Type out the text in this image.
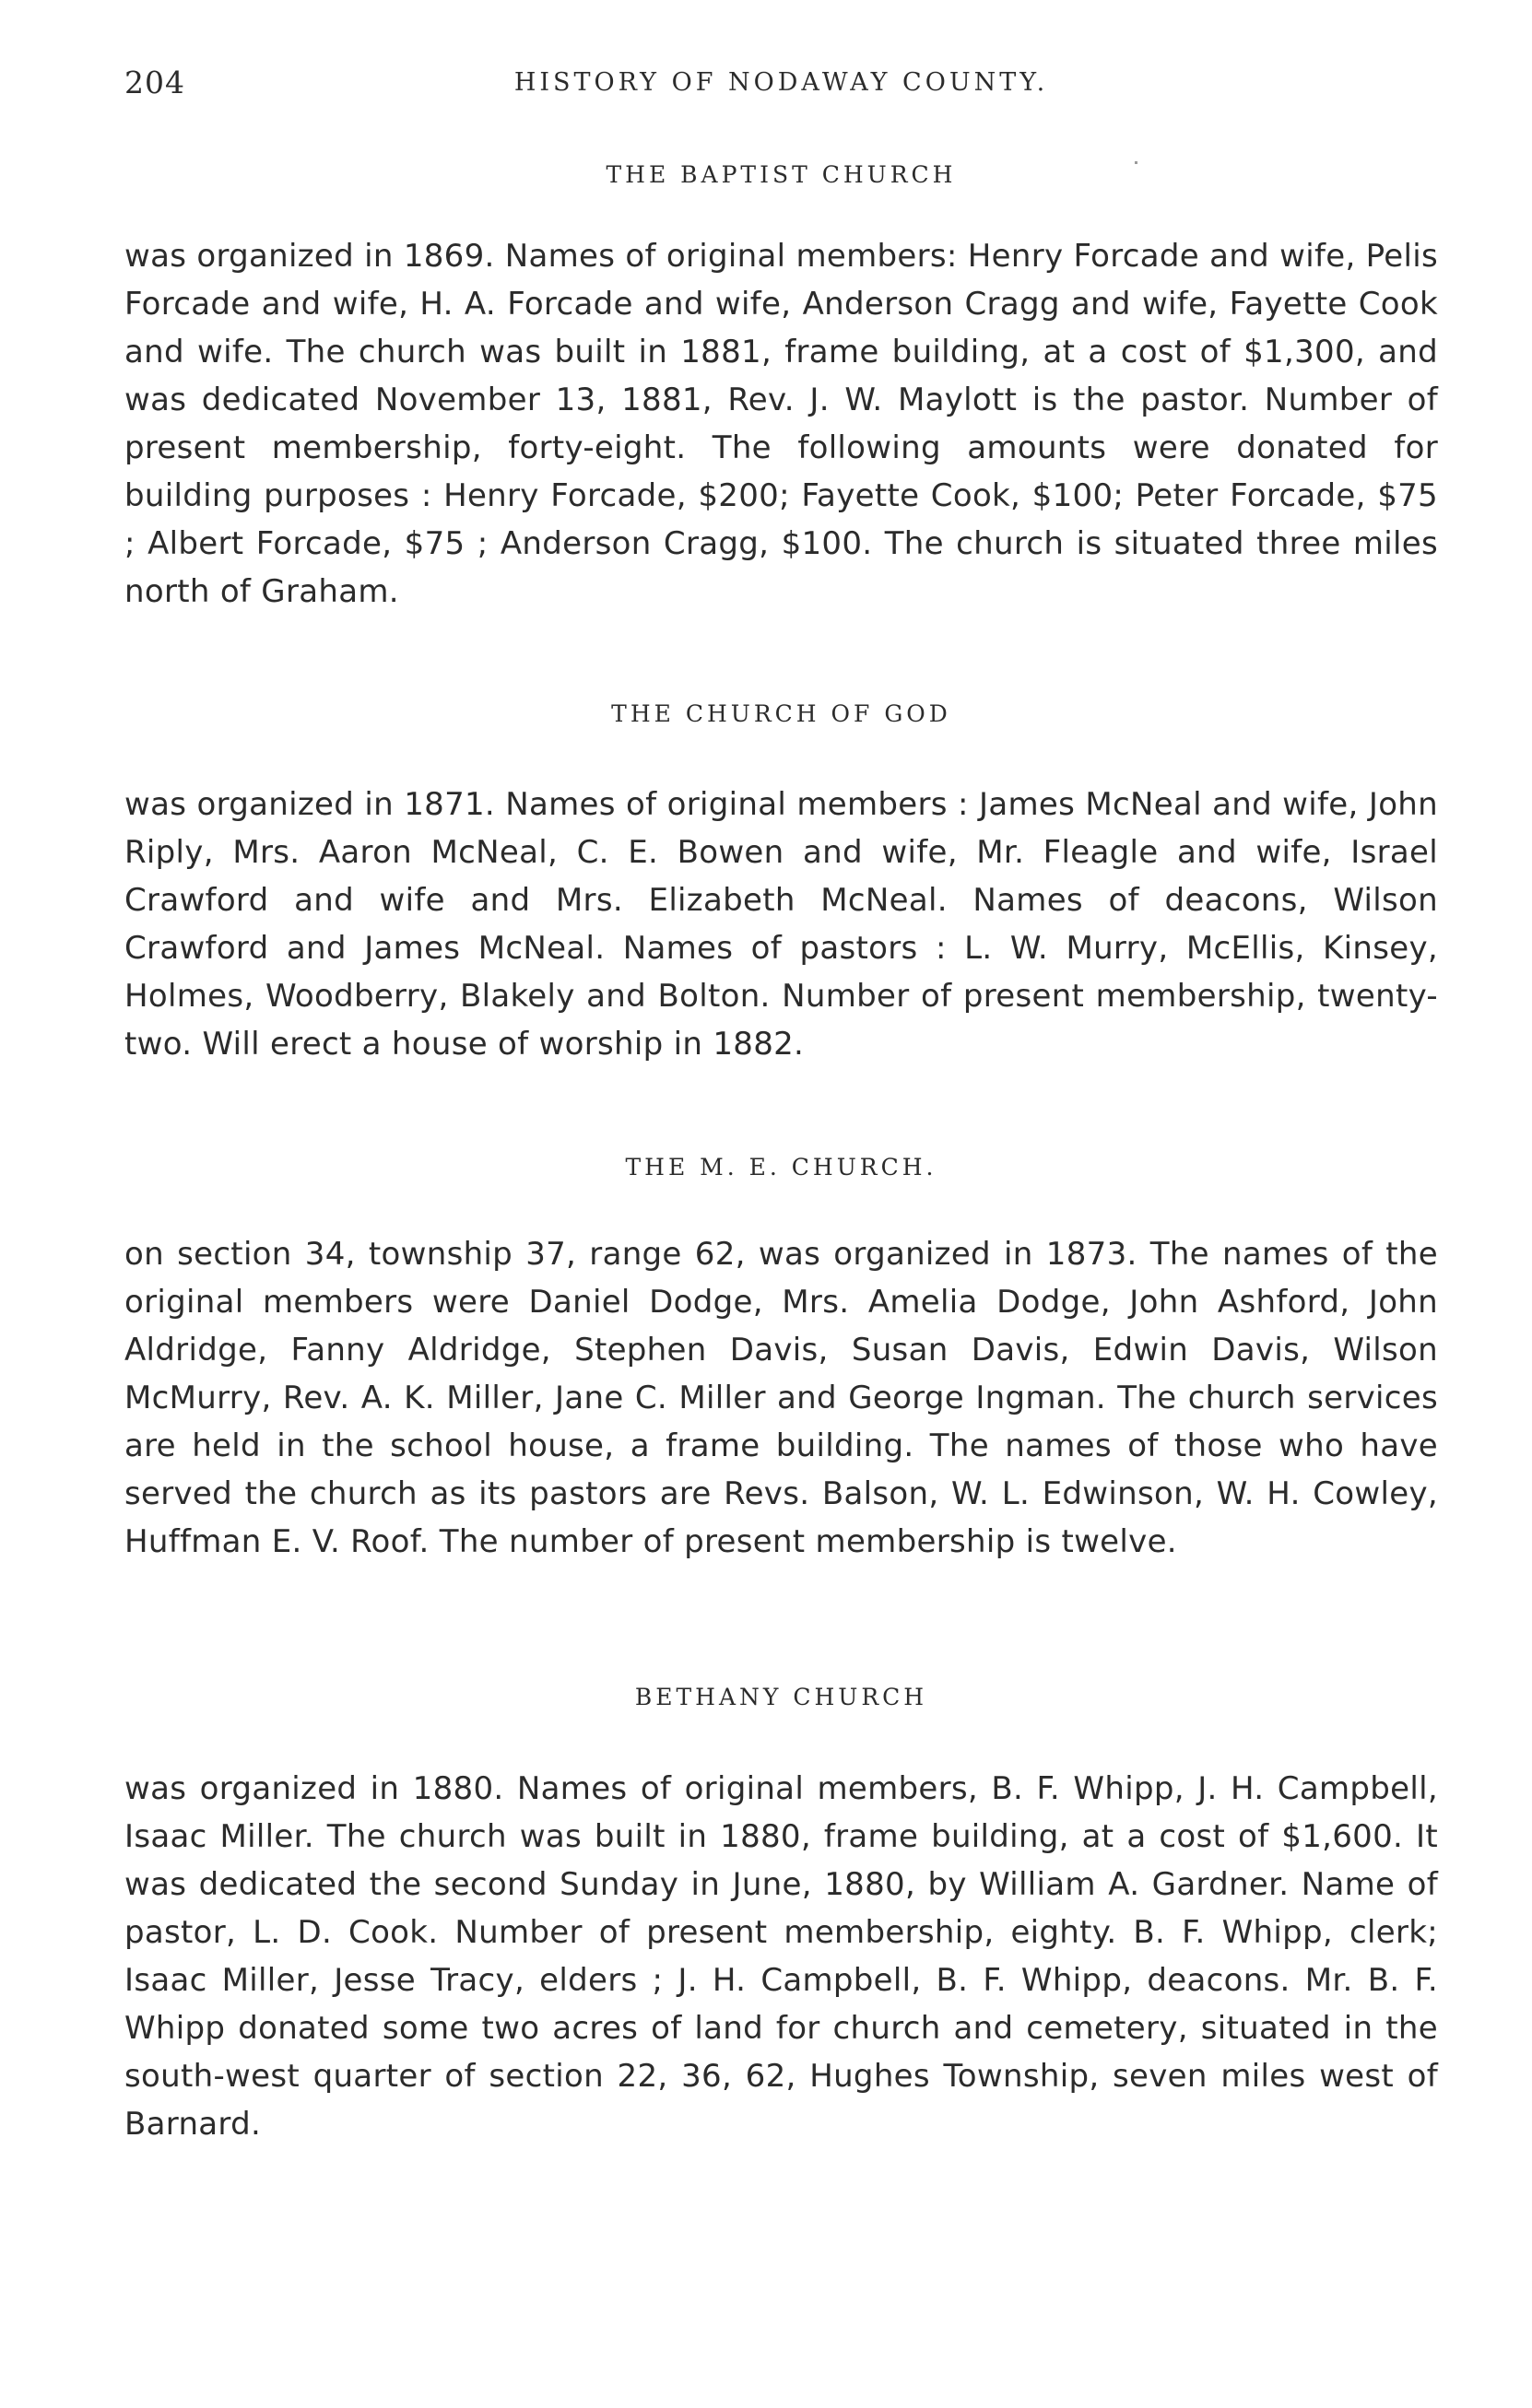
204	HISTORY OF NODAWAY COUNTY.
THE BAPTIST CHURCH

was organized in 1869. Names of original members: Henry Forcade and wife, Pelis Forcade and wife, H. A. Forcade and wife, Anderson Cragg and wife, Fayette Cook and wife. The church was built in 1881, frame building, at a cost of $1,300, and was dedicated November 13, 1881, Rev. J. W. Maylott is the pastor. Number of present membership, forty-eight. The following amounts were donated for building purposes : Henry Forcade, $200; Fayette Cook, $100; Peter Forcade, $75 ; Albert Forcade, $75 ; Anderson Cragg, $100. The church is situated three miles north of Graham.

THE CHURCH OF GOD

was organized in 1871. Names of original members : James McNeal and wife, John Riply, Mrs. Aaron McNeal, C. E. Bowen and wife, Mr. Fleagle and wife, Israel Crawford and wife and Mrs. Elizabeth McNeal. Names of deacons, Wilson Crawford and James McNeal. Names of pastors : L. W. Murry, McEllis, Kinsey, Holmes, Woodberry, Blakely and Bolton. Number of present membership, twenty-two. Will erect a house of worship in 1882.

THE M. E. CHURCH.

on section 34, township 37, range 62, was organized in 1873. The names of the original members were Daniel Dodge, Mrs. Amelia Dodge, John Ashford, John Aldridge, Fanny Aldridge, Stephen Davis, Susan Davis, Edwin Davis, Wilson McMurry, Rev. A. K. Miller, Jane C. Miller and George Ingman. The church services are held in the school house, a frame building. The names of those who have served the church as its pastors are Revs. Balson, W. L. Edwinson, W. H. Cowley, Huffman E. V. Roof. The number of present membership is twelve.

BETHANY CHURCH

was organized in 1880. Names of original members, B. F. Whipp, J. H. Campbell, Isaac Miller. The church was built in 1880, frame building, at a cost of $1,600. It was dedicated the second Sunday in June, 1880, by William A. Gardner. Name of pastor, L. D. Cook. Number of present membership, eighty. B. F. Whipp, clerk; Isaac Miller, Jesse Tracy, elders ; J. H. Campbell, B. F. Whipp, deacons. Mr. B. F. Whipp donated some two acres of land for church and cemetery, situated in the south-west quarter of section 22, 36, 62, Hughes Township, seven miles west of Barnard.
